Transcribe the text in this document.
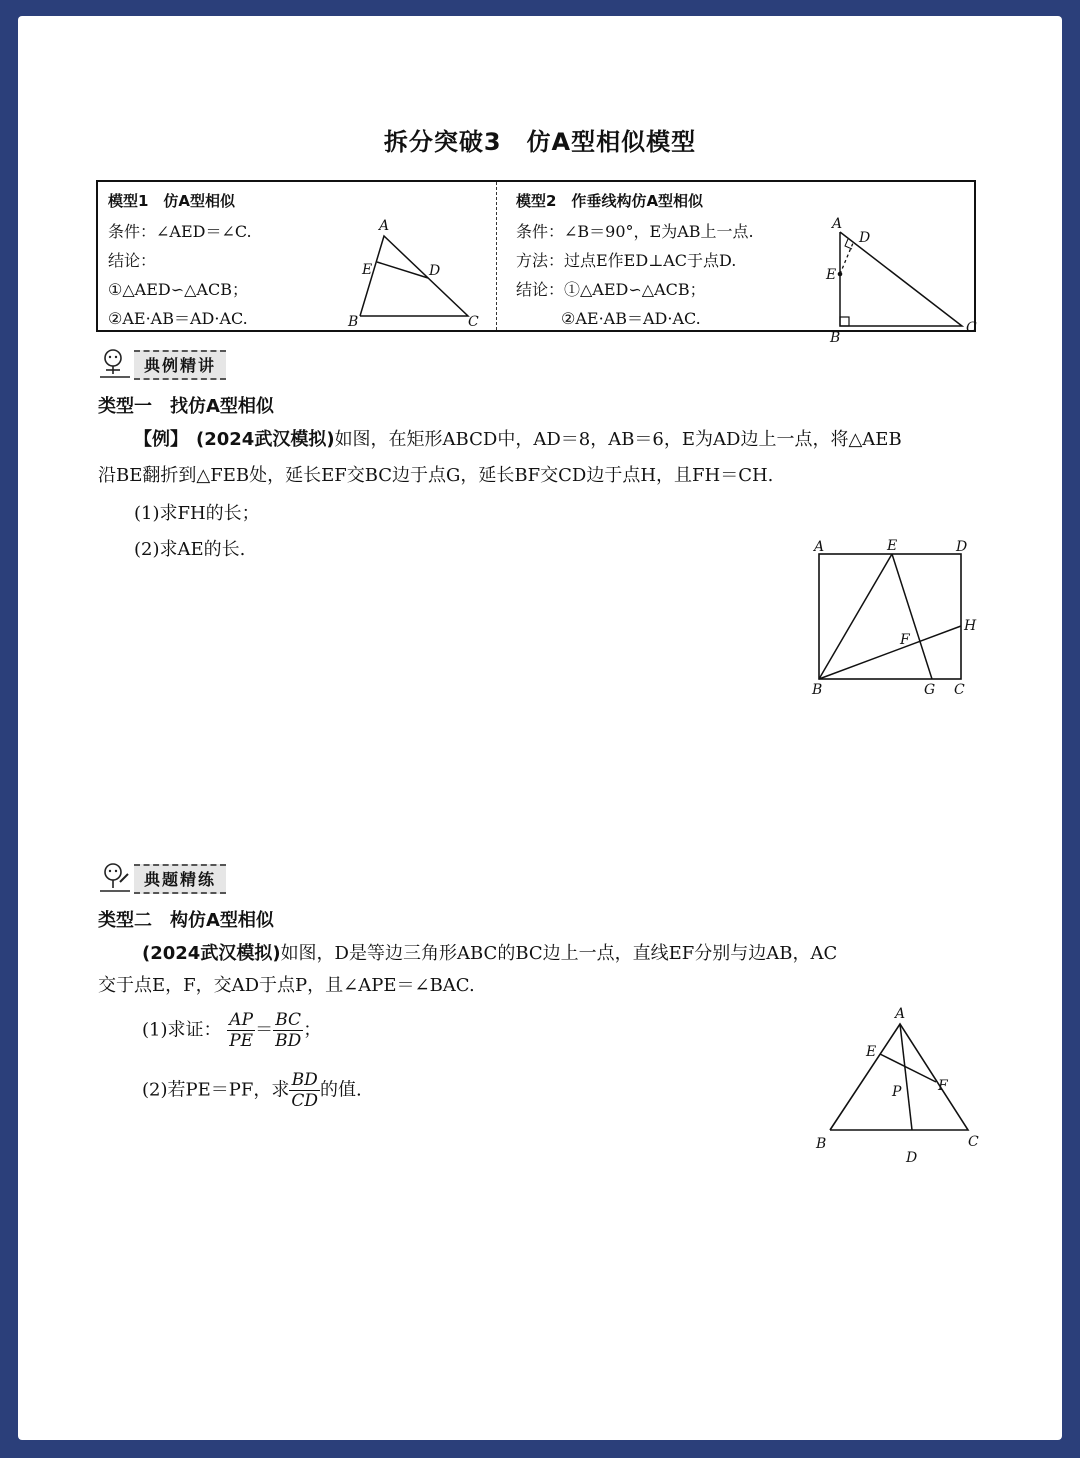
拆分突破3　仿A型相似模型
模型1　仿A型相似
条件：∠AED＝∠C.
结论：
①△AED∽△ACB；
②AE·AB＝AD·AC.
A
B	C
D
E
模型2　作垂线构仿A型相似
条件：∠B＝90°，E为AB上一点.
方法：过点E作ED⊥AC于点D.
结论：①△AED∽△ACB；
②AE·AB＝AD·AC.
A
B
C
D
E
典例精讲
类型一　找仿A型相似
【例】 (2024武汉模拟)如图，在矩形ABCD中，AD＝8，AB＝6，E为AD边上一点，将△AEB
沿BE翻折到△FEB处，延长EF交BC边于点G，延长BF交CD边于点H，且FH＝CH.
(1)求FH的长；
(2)求AE的长.	A	E	D
H
F
B	G C
典题精练
类型二　构仿A型相似
(2024武汉模拟)如图，D是等边三角形ABC的BC边上一点，直线EF分别与边AB，AC
交于点E，F，交AD于点P，且∠APE＝∠BAC.
(1)求证： $\frac{AP}{PE} = \frac{BC}{BD}$ ；
(2)若PE＝PF，求 $\frac{BD}{CD}$ 的值.
A
E
F
P
B
D
C
